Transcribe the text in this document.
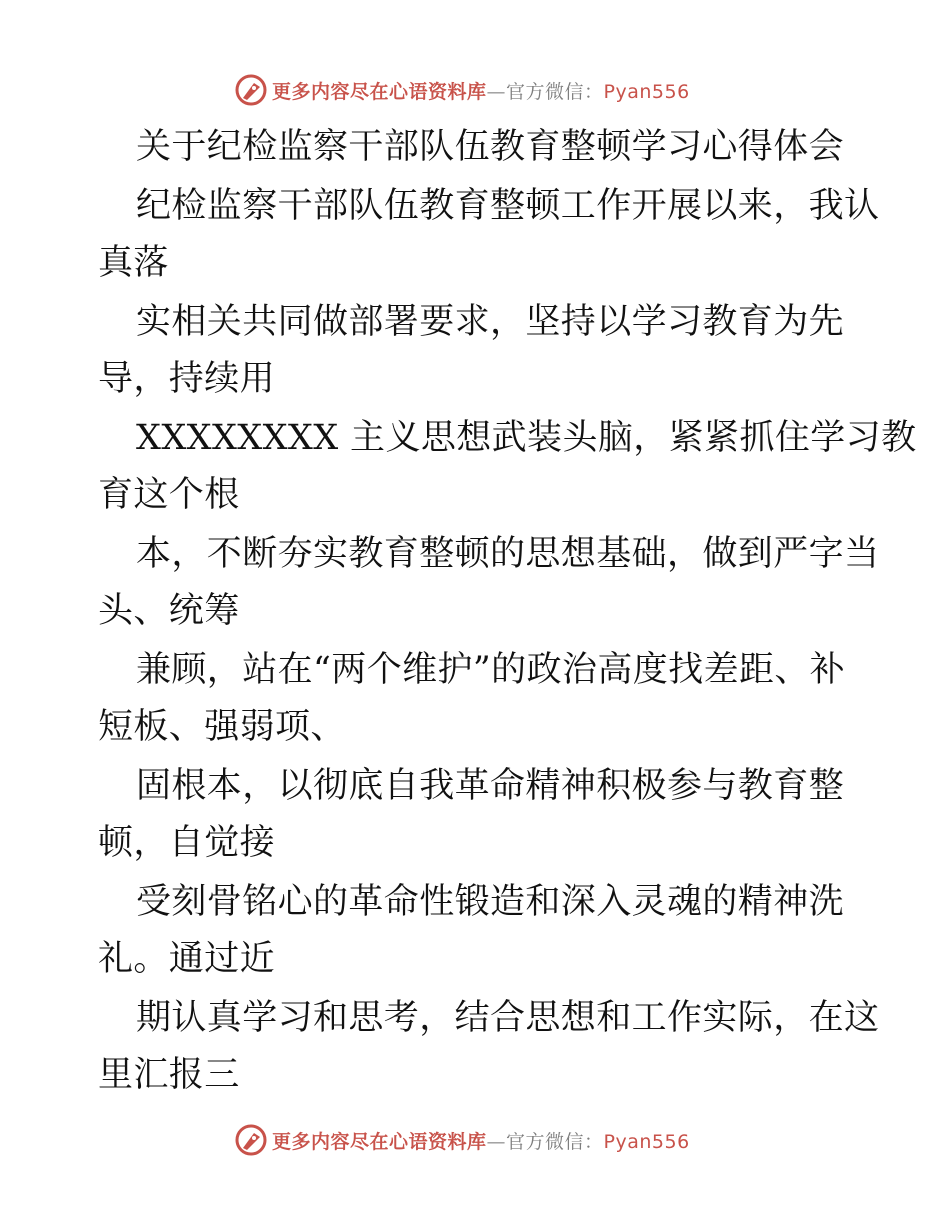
更多内容尽在心语资料库—官方微信：Pyan556
关于纪检监察干部队伍教育整顿学习心得体会
纪检监察干部队伍教育整顿工作开展以来，我认
真落
实相关共同做部署要求，坚持以学习教育为先
导，持续用
XXXXXXXX 主义思想武装头脑，紧紧抓住学习教
育这个根
本，不断夯实教育整顿的思想基础，做到严字当
头、统筹
兼顾，站在“两个维护”的政治高度找差距、补
短板、强弱项、
固根本，以彻底自我革命精神积极参与教育整
顿，自觉接
受刻骨铭心的革命性锻造和深入灵魂的精神洗
礼。通过近
期认真学习和思考，结合思想和工作实际，在这
里汇报三
更多内容尽在心语资料库—官方微信：Pyan556
